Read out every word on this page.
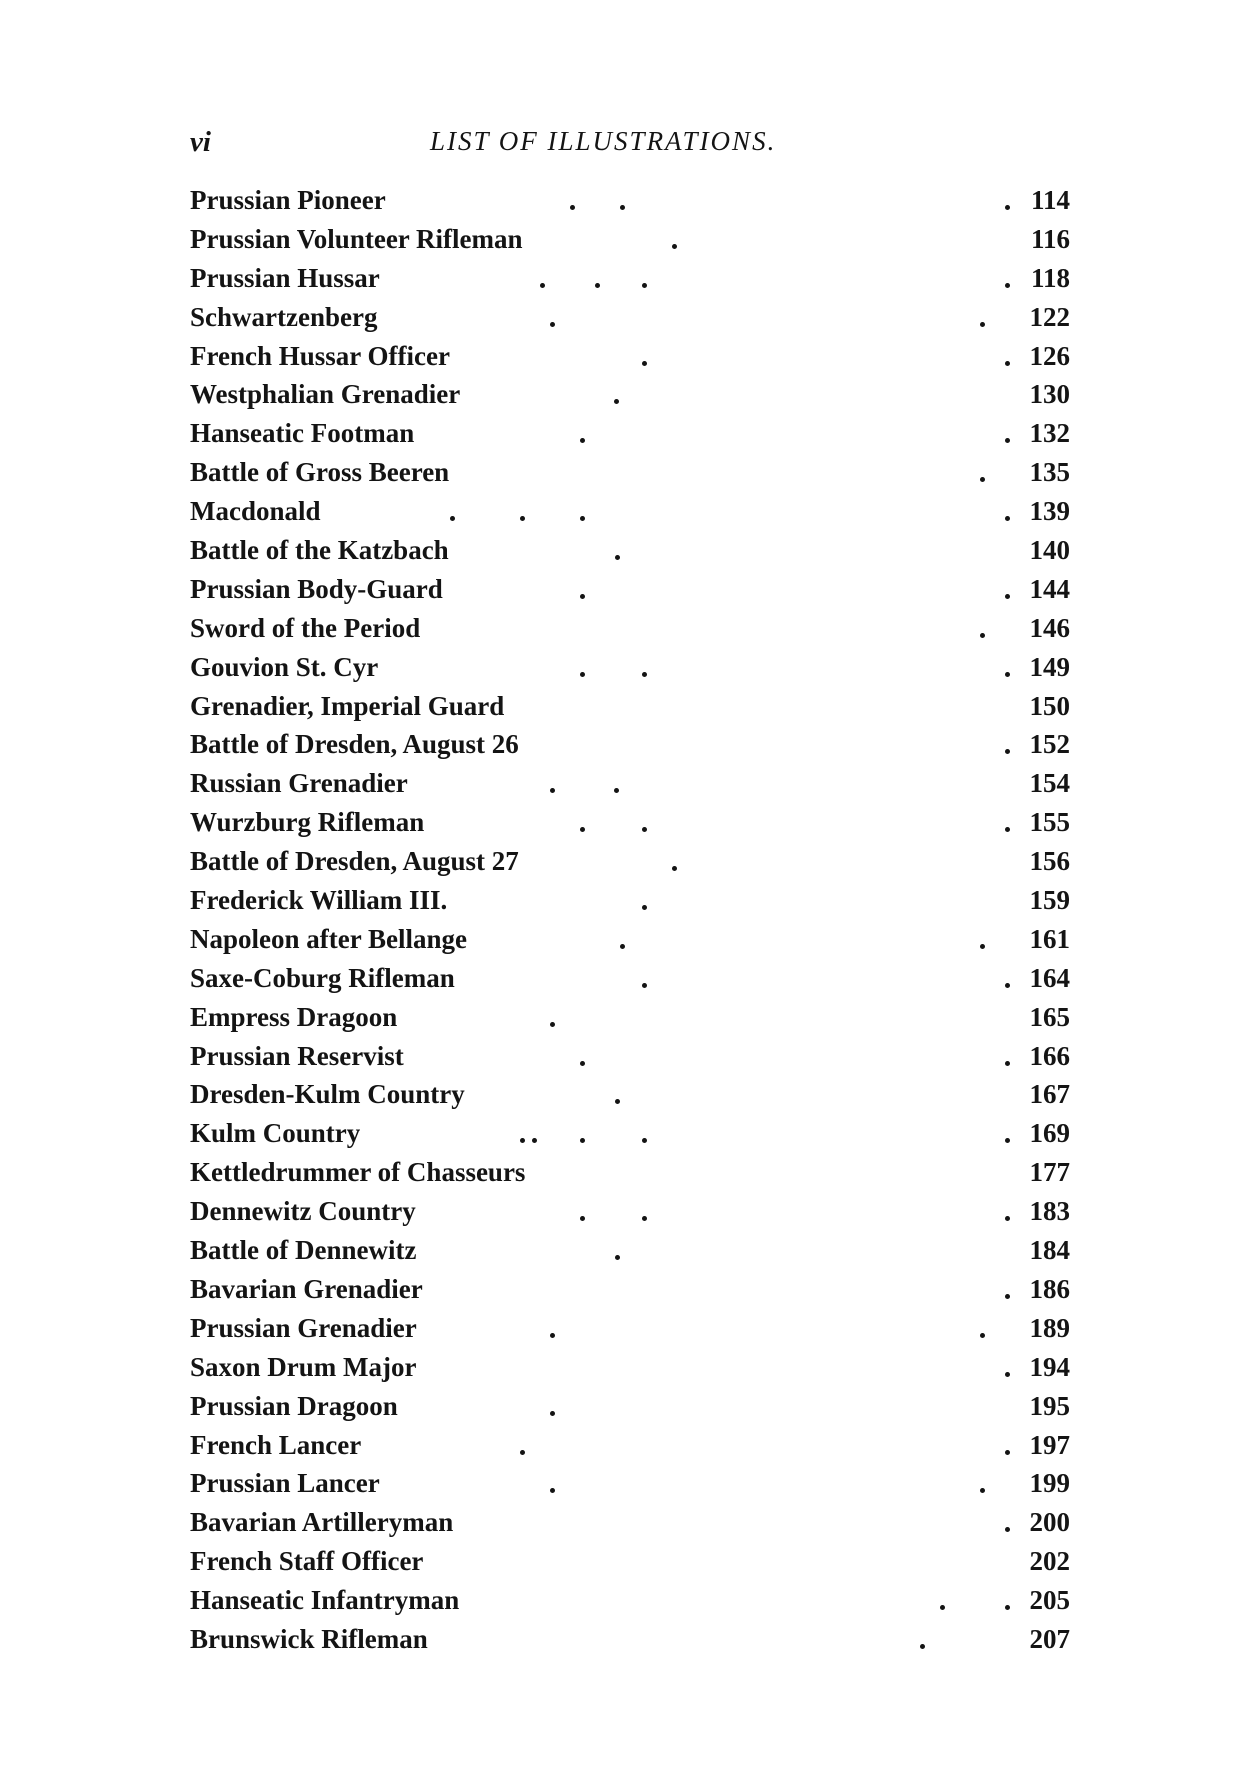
vi	LIST OF ILLUSTRATIONS.
Prussian Pioneer	114
Prussian Volunteer Rifleman	116
Prussian Hussar	118
Schwartzenberg	122
French Hussar Officer	126
Westphalian Grenadier	130
Hanseatic Footman	132
Battle of Gross Beeren	135
Macdonald	139
Battle of the Katzbach	140
Prussian Body-Guard	144
Sword of the Period	146
Gouvion St. Cyr	149
Grenadier, Imperial Guard	150
Battle of Dresden, August 26	152
Russian Grenadier	154
Wurzburg Rifleman	155
Battle of Dresden, August 27	156
Frederick William III.	159
Napoleon after Bellange	161
Saxe-Coburg Rifleman	164
Empress Dragoon	165
Prussian Reservist	166
Dresden-Kulm Country	167
Kulm Country	169
Kettledrummer of Chasseurs	177
Dennewitz Country	183
Battle of Dennewitz	184
Bavarian Grenadier	186
Prussian Grenadier	189
Saxon Drum Major	194
Prussian Dragoon	195
French Lancer	197
Prussian Lancer	199
Bavarian Artilleryman	200
French Staff Officer	202
Hanseatic Infantryman	205
Brunswick Rifleman	207
